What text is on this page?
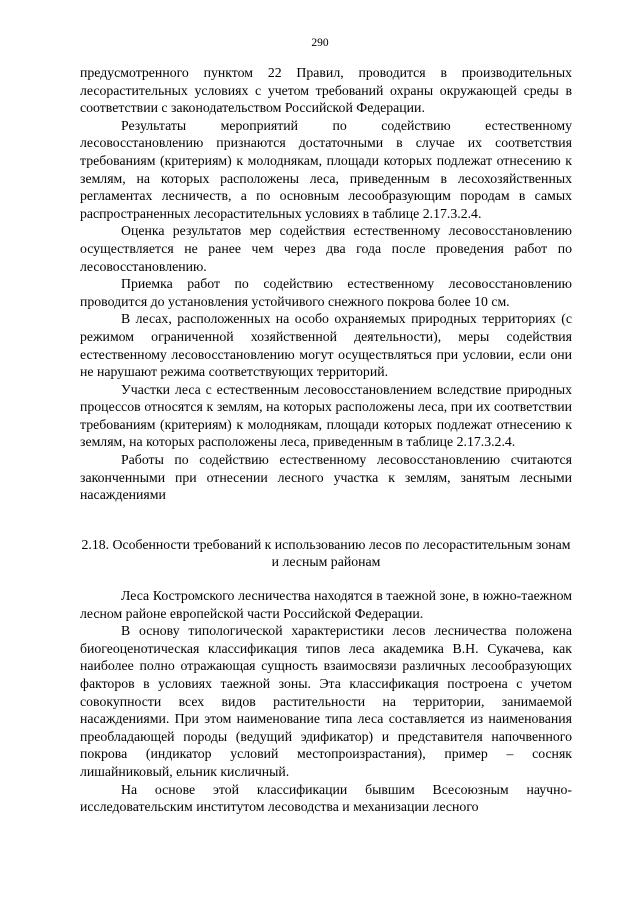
290

предусмотренного пунктом 22 Правил, проводится в производительных лесорастительных условиях с учетом требований охраны окружающей среды в соответствии с законодательством Российской Федерации.

Результаты мероприятий по содействию естественному лесовосстановлению признаются достаточными в случае их соответствия требованиям (критериям) к молоднякам, площади которых подлежат отнесению к землям, на которых расположены леса, приведенным в лесохозяйственных регламентах лесничеств, а по основным лесообразующим породам в самых распространенных лесорастительных условиях в таблице 2.17.3.2.4.

Оценка результатов мер содействия естественному лесовосстановлению осуществляется не ранее чем через два года после проведения работ по лесовосстановлению.

Приемка работ по содействию естественному лесовосстановлению проводится до установления устойчивого снежного покрова более 10 см.

В лесах, расположенных на особо охраняемых природных территориях (с режимом ограниченной хозяйственной деятельности), меры содействия естественному лесовосстановлению могут осуществляться при условии, если они не нарушают режима соответствующих территорий.

Участки леса с естественным лесовосстановлением вследствие природных процессов относятся к землям, на которых расположены леса, при их соответствии требованиям (критериям) к молоднякам, площади которых подлежат отнесению к землям, на которых расположены леса, приведенным в таблице 2.17.3.2.4.

Работы по содействию естественному лесовосстановлению считаются законченными при отнесении лесного участка к землям, занятым лесными насаждениями

2.18. Особенности требований к использованию лесов по лесорастительным зонам и лесным районам

Леса Костромского лесничества находятся в таежной зоне, в южно-таежном лесном районе европейской части Российской Федерации.

В основу типологической характеристики лесов лесничества положена биогеоценотическая классификация типов леса академика В.Н. Сукачева, как наиболее полно отражающая сущность взаимосвязи различных лесообразующих факторов в условиях таежной зоны. Эта классификация построена с учетом совокупности всех видов растительности на территории, занимаемой насаждениями. При этом наименование типа леса составляется из наименования преобладающей породы (ведущий эдификатор) и представителя напочвенного покрова (индикатор условий местопроизрастания), пример – сосняк лишайниковый, ельник кисличный.

На основе этой классификации бывшим Всесоюзным научно-исследовательским институтом лесоводства и механизации лесного
